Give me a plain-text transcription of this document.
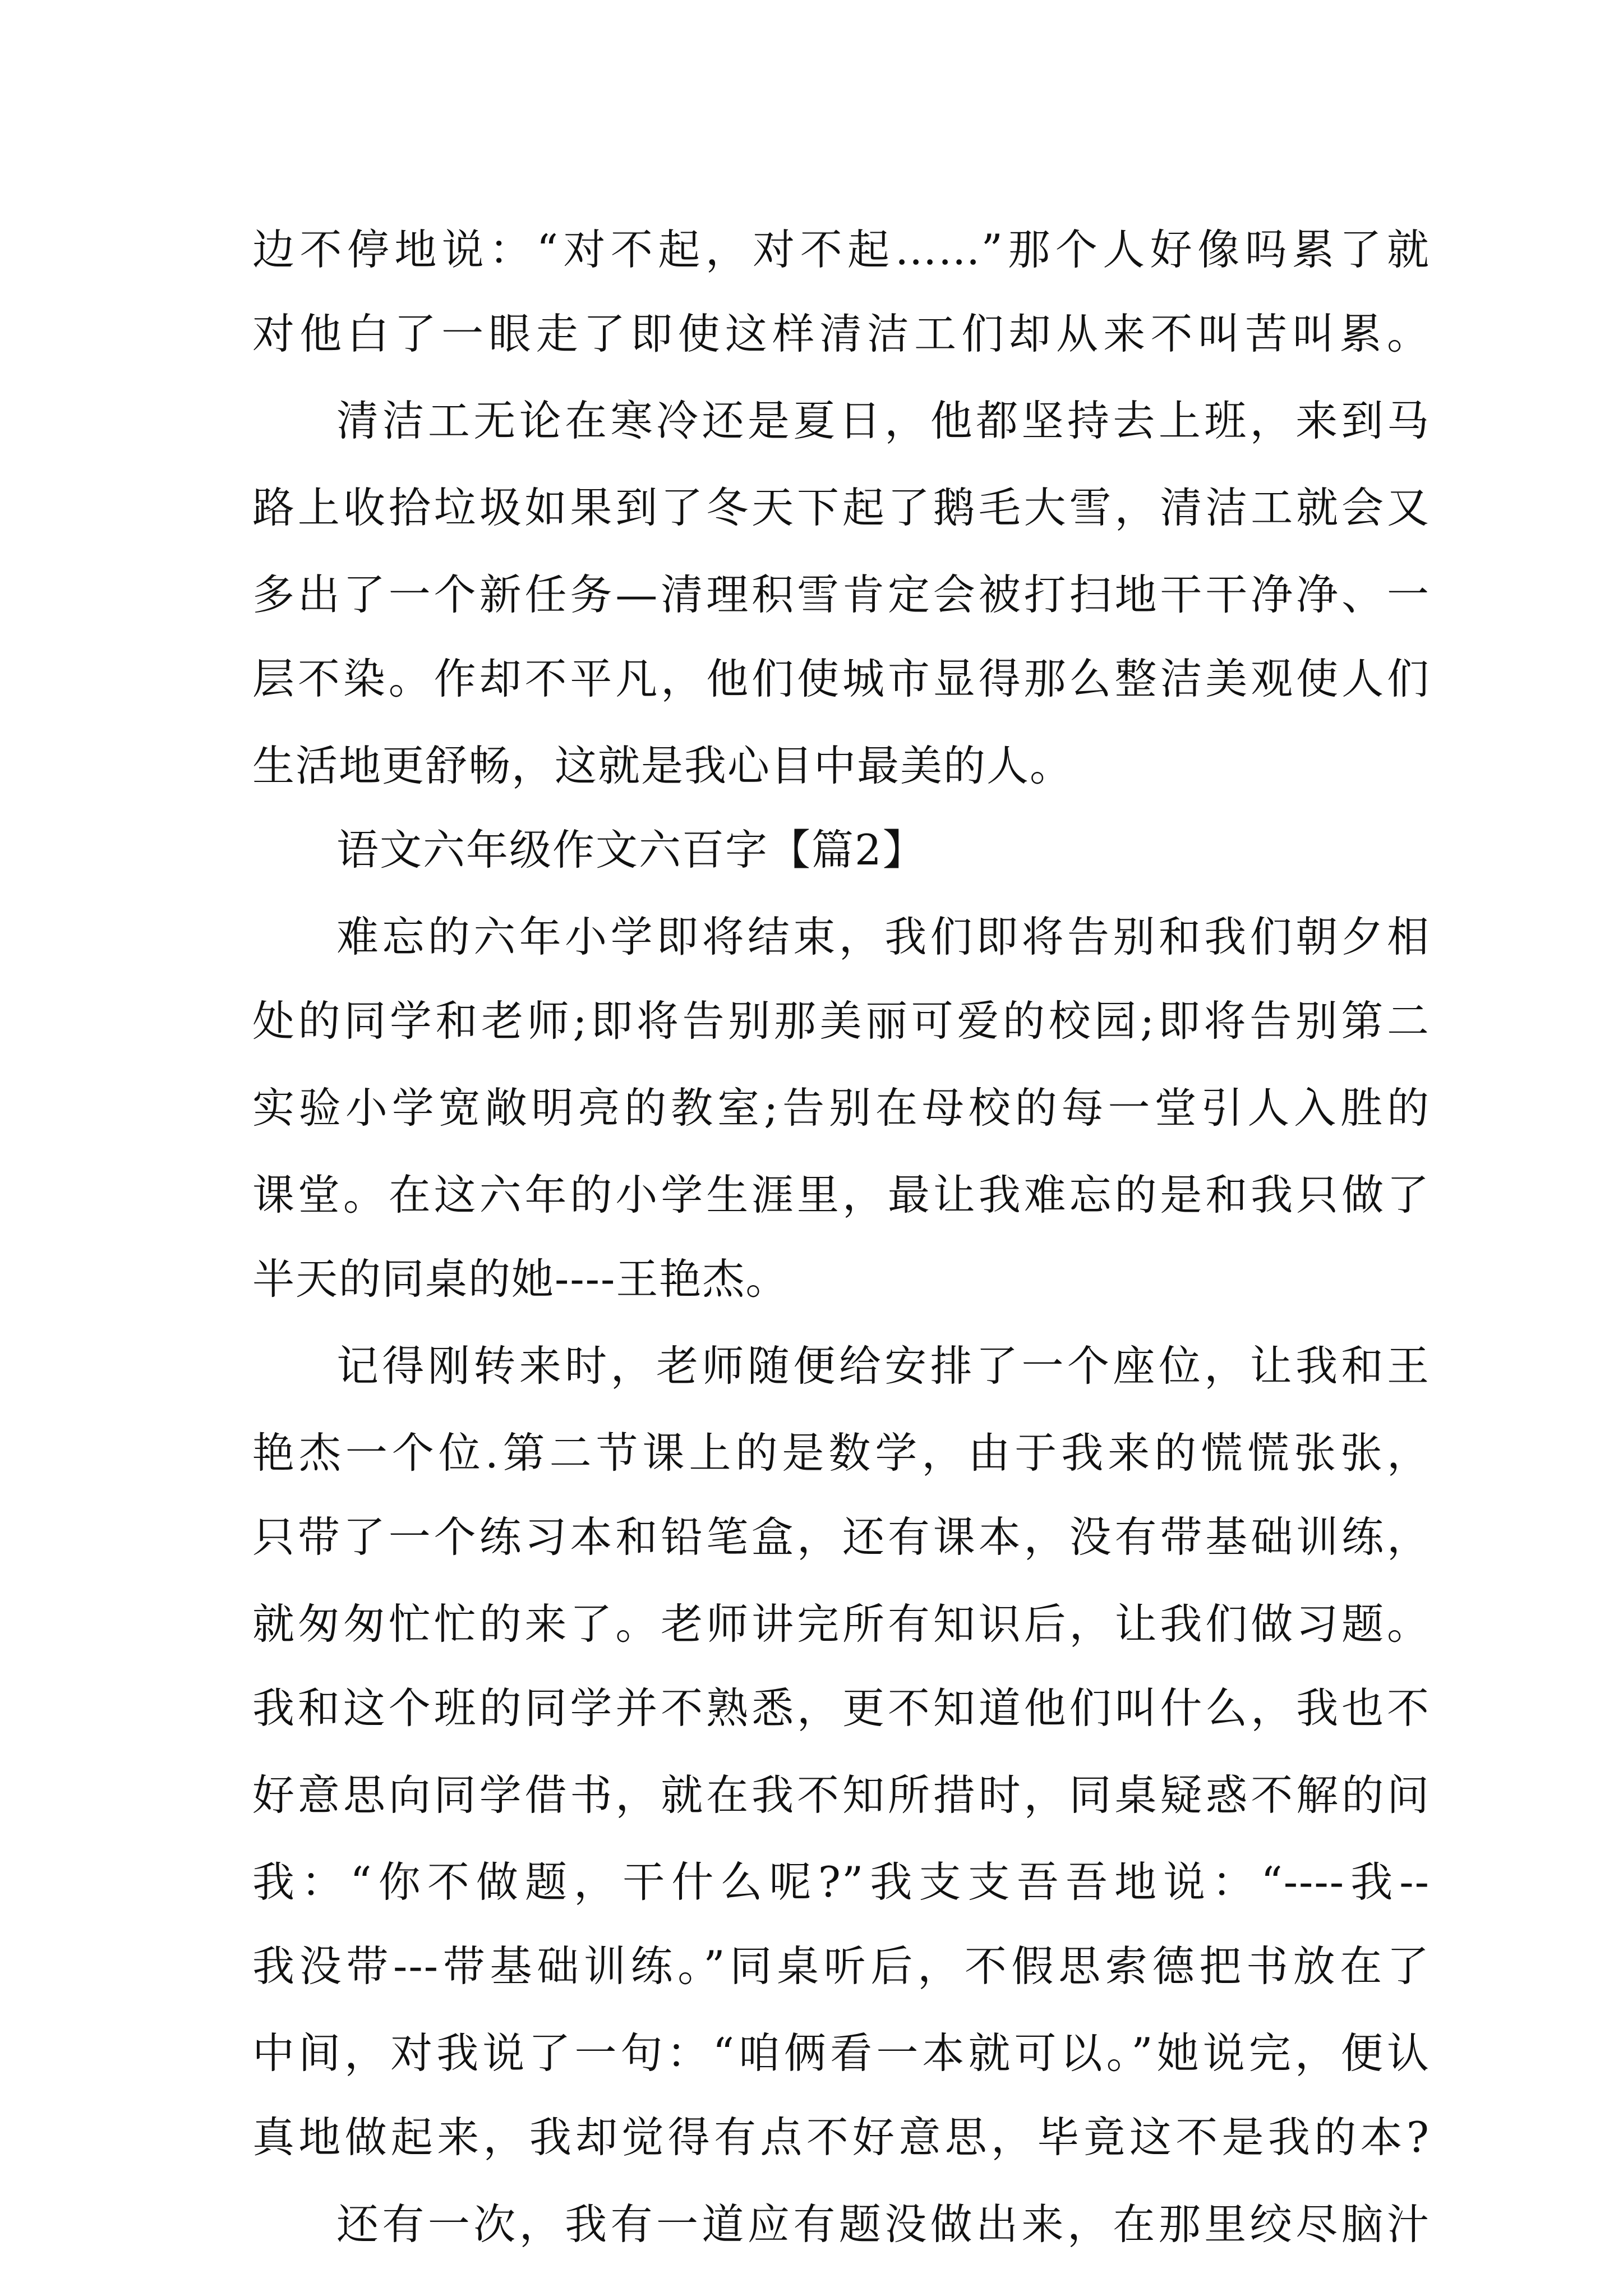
边不停地说：“对不起，对不起……”那个人好像吗累了就
对他白了一眼走了即使这样清洁工们却从来不叫苦叫累。
清洁工无论在寒冷还是夏日，他都坚持去上班，来到马
路上收拾垃圾如果到了冬天下起了鹅毛大雪，清洁工就会又
多出了一个新任务—清理积雪肯定会被打扫地干干净净、一
层不染。作却不平凡，他们使城市显得那么整洁美观使人们
生活地更舒畅，这就是我心目中最美的人。
语文六年级作文六百字【篇2】
难忘的六年小学即将结束，我们即将告别和我们朝夕相
处的同学和老师;即将告别那美丽可爱的校园;即将告别第二
实验小学宽敞明亮的教室;告别在母校的每一堂引人入胜的
课堂。在这六年的小学生涯里，最让我难忘的是和我只做了
半天的同桌的她----王艳杰。
记得刚转来时，老师随便给安排了一个座位，让我和王
艳杰一个位.第二节课上的是数学，由于我来的慌慌张张，
只带了一个练习本和铅笔盒，还有课本，没有带基础训练，
就匆匆忙忙的来了。老师讲完所有知识后，让我们做习题。
我和这个班的同学并不熟悉，更不知道他们叫什么，我也不
好意思向同学借书，就在我不知所措时，同桌疑惑不解的问
我：“你不做题，干什么呢?”我支支吾吾地说：“----我--
我没带---带基础训练。”同桌听后，不假思索德把书放在了
中间，对我说了一句：“咱俩看一本就可以。”她说完，便认
真地做起来，我却觉得有点不好意思，毕竟这不是我的本?
还有一次，我有一道应有题没做出来，在那里绞尽脑汁
